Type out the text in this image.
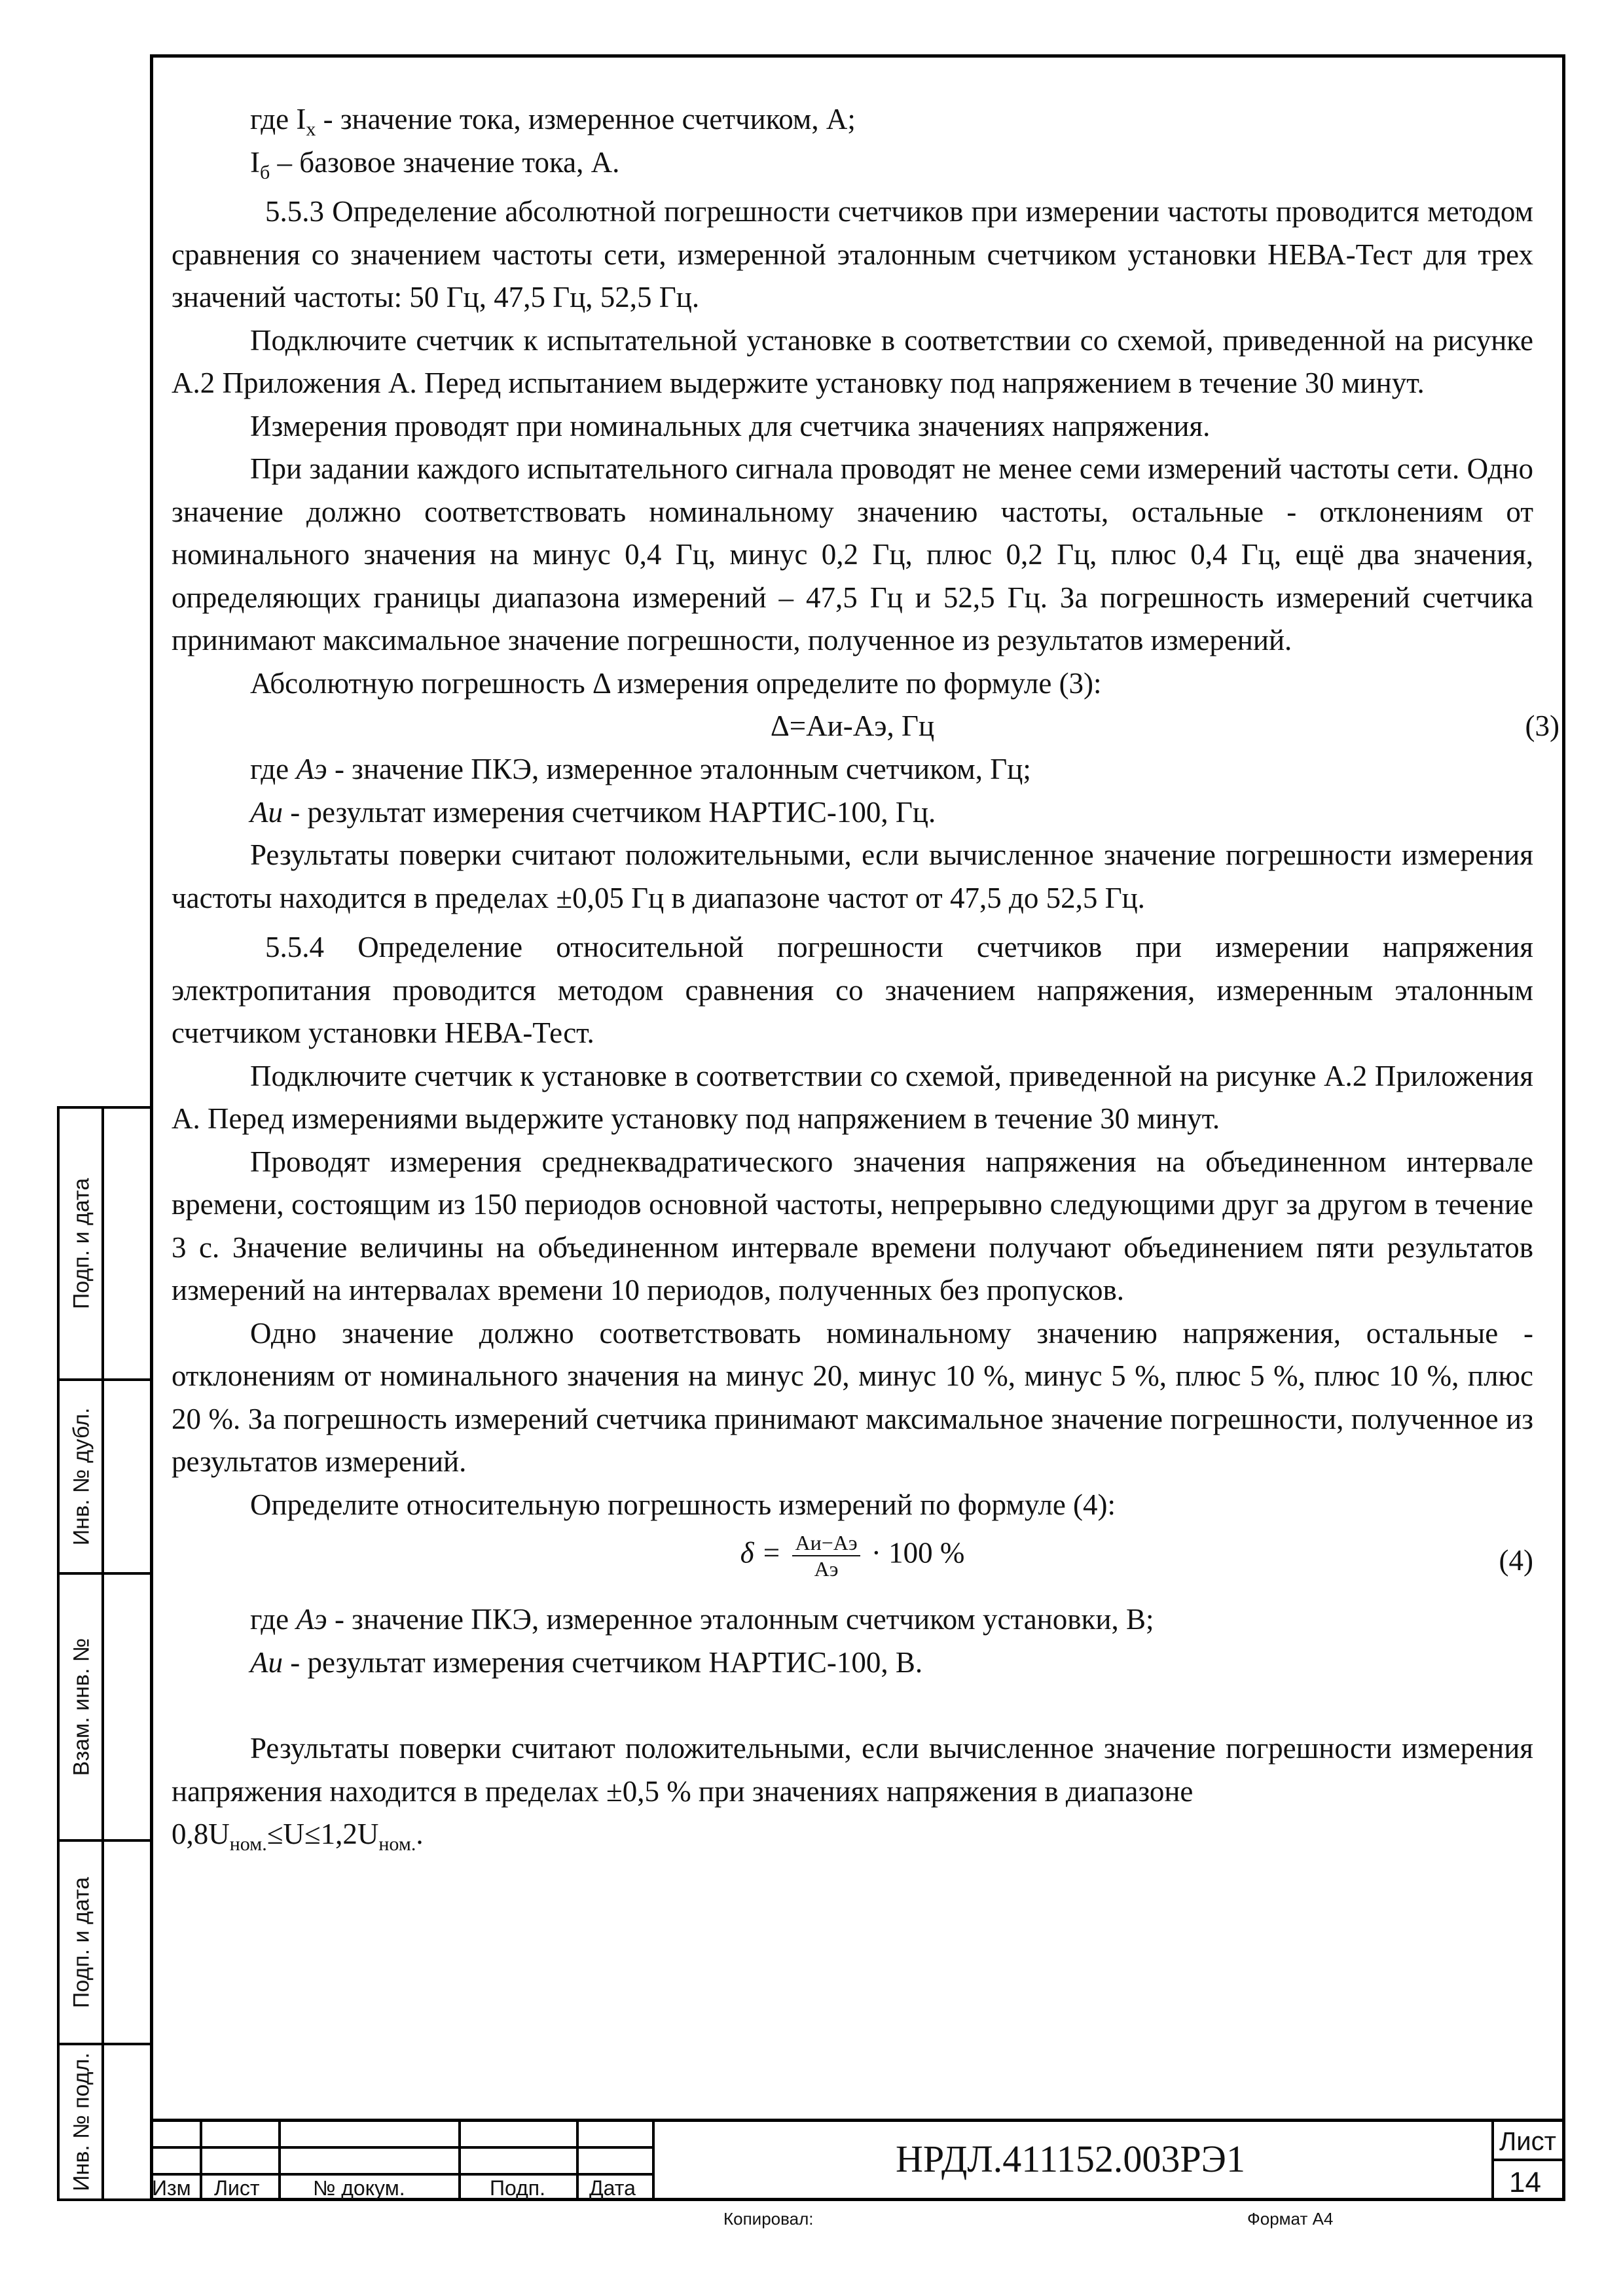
где $I_х$ - значение тока, измеренное счетчиком, А;

$I_б$ – базовое значение тока, А.

5.5.3 Определение абсолютной погрешности счетчиков при измерении частоты проводится методом сравнения со значением частоты сети, измеренной эталонным счетчиком установки НЕВА-Тест для трех значений частоты: 50 Гц, 47,5 Гц, 52,5 Гц.

Подключите счетчик к испытательной установке в соответствии со схемой, приведенной на рисунке А.2 Приложения А. Перед испытанием выдержите установку под напряжением в течение 30 минут.

Измерения проводят при номинальных для счетчика значениях напряжения.

При задании каждого испытательного сигнала проводят не менее семи измерений частоты сети. Одно значение должно соответствовать номинальному значению частоты, остальные - отклонениям от номинального значения на минус 0,4 Гц, минус 0,2 Гц, плюс 0,2 Гц, плюс 0,4 Гц, ещё два значения, определяющих границы диапазона измерений – 47,5 Гц и 52,5 Гц. За погрешность измерений счетчика принимают максимальное значение погрешности, полученное из результатов измерений.

Абсолютную погрешность Δ измерения определите по формуле (3):

Δ=Aи-Aэ, Гц	(3)

где Aэ - значение ПКЭ, измеренное эталонным счетчиком, Гц;

Aи - результат измерения счетчиком НАРТИС-100, Гц.

Результаты поверки считают положительными, если вычисленное значение погрешности измерения частоты находится в пределах ±0,05 Гц в диапазоне частот от 47,5 до 52,5 Гц.

5.5.4 Определение относительной погрешности счетчиков при измерении напряжения электропитания проводится методом сравнения со значением напряжения, измеренным эталонным счетчиком установки НЕВА-Тест.

Подключите счетчик к установке в соответствии со схемой, приведенной на рисунке А.2 Приложения А. Перед измерениями выдержите установку под напряжением в течение 30 минут.

Проводят измерения среднеквадратического значения напряжения на объединенном интервале времени, состоящим из 150 периодов основной частоты, непрерывно следующими друг за другом в течение 3 с. Значение величины на объединенном интервале времени получают объединением пяти результатов измерений на интервалах времени 10 периодов, полученных без пропусков.

Одно значение должно соответствовать номинальному значению напряжения, остальные - отклонениям от номинального значения на минус 20, минус 10 %, минус 5 %, плюс 5 %, плюс 10 %, плюс 20 %. За погрешность измерений счетчика принимают максимальное значение погрешности, полученное из результатов измерений.

Определите относительную погрешность измерений по формуле (4):

$\delta = \frac{Aи-Aэ}{Aэ} \cdot 100$ %	(4)

где Aэ - значение ПКЭ, измеренное эталонным счетчиком установки, В;

Aи - результат измерения счетчиком НАРТИС-100, В.

Результаты поверки считают положительными, если вычисленное значение погрешности измерения напряжения находится в пределах ±0,5 % при значениях напряжения в диапазоне

$0,8U_{ном.}\le U\le 1,2U_{ном.}$.

Подп. и дата
Инв. № дубл.
Взам. инв. №
Подп. и дата
Инв. № подл.	Изм Лист	№ докум.	Подп. Дата
НРДЛ.411152.003РЭ1	Лист
14
Копировал:	Формат А4
